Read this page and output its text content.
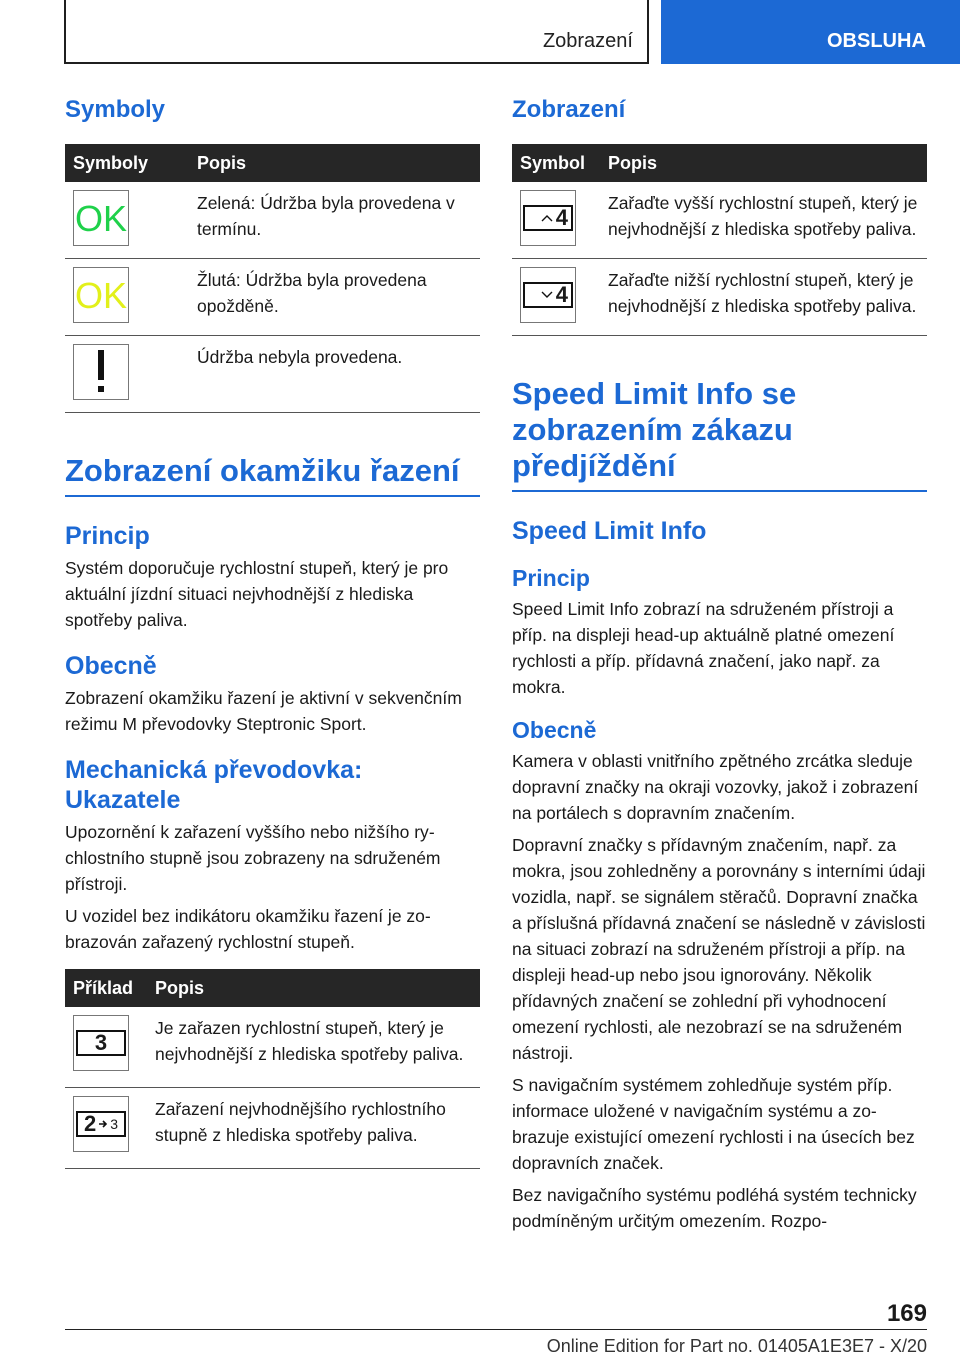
Zobrazení	OBSLUHA
Symboly
Symboly	Popis

OK	Zelená: Údržba byla provedena v termínu.

OK	Žlutá: Údržba byla provedena opožděně.

	Údržba nebyla provedena.
Zobrazení okamžiku řazení
Princip

Systém doporučuje rychlostní stupeň, který je pro aktuální jízdní situaci nejvhodnější z hlediska spotřeby paliva.

Obecně

Zobrazení okamžiku řazení je aktivní v sekvenčním režimu M převodovky Steptronic Sport.

Mechanická převodovka: Ukazatele

Upozornění k zařazení vyššího nebo nižšího rychlostního stupně jsou zobrazeny na sdruženém přístroji.

U vozidel bez indikátoru okamžiku řazení je zobrazován zařazený rychlostní stupeň.

Příklad	Popis

3	Je zařazen rychlostní stupeň, který je nejvhodnější z hlediska spotřeby paliva.

2 3	Zařazení nejvhodnějšího rychlostního stupně z hlediska spotřeby paliva.
Zobrazení
Symbol	Popis

4	Zařaďte vyšší rychlostní stupeň, který je nejvhodnější z hlediska spotřeby paliva.

4	Zařaďte nižší rychlostní stupeň, který je nejvhodnější z hlediska spotřeby paliva.
Speed Limit Info se zobrazením zákazu předjíždění
Speed Limit Info
Princip

Speed Limit Info zobrazí na sdruženém přístroji a příp. na displeji head-up aktuálně platné omezení rychlosti a příp. přídavná značení, jako např. za mokra.

Obecně

Kamera v oblasti vnitřního zpětného zrcátka sleduje dopravní značky na okraji vozovky, jakož i zobrazení na portálech s dopravním značením.

Dopravní značky s přídavným značením, např. za mokra, jsou zohledněny a porovnány s interními údaji vozidla, např. se signálem stěračů. Dopravní značka a příslušná přídavná značení se následně v závislosti na situaci zobrazí na sdruženém přístroji a příp. na displeji head-up nebo jsou ignorovány. Několik přídavných značení se zohlední při vyhodnocení omezení rychlosti, ale nezobrazí se na sdruženém nástroji.

S navigačním systémem zohledňuje systém příp. informace uložené v navigačním systému a zobrazuje existující omezení rychlosti i na úsecích bez dopravních značek.

Bez navigačního systému podléhá systém technicky podmíněným určitým omezením. Rozpo-

169
Online Edition for Part no. 01405A1E3E7 - X/20
